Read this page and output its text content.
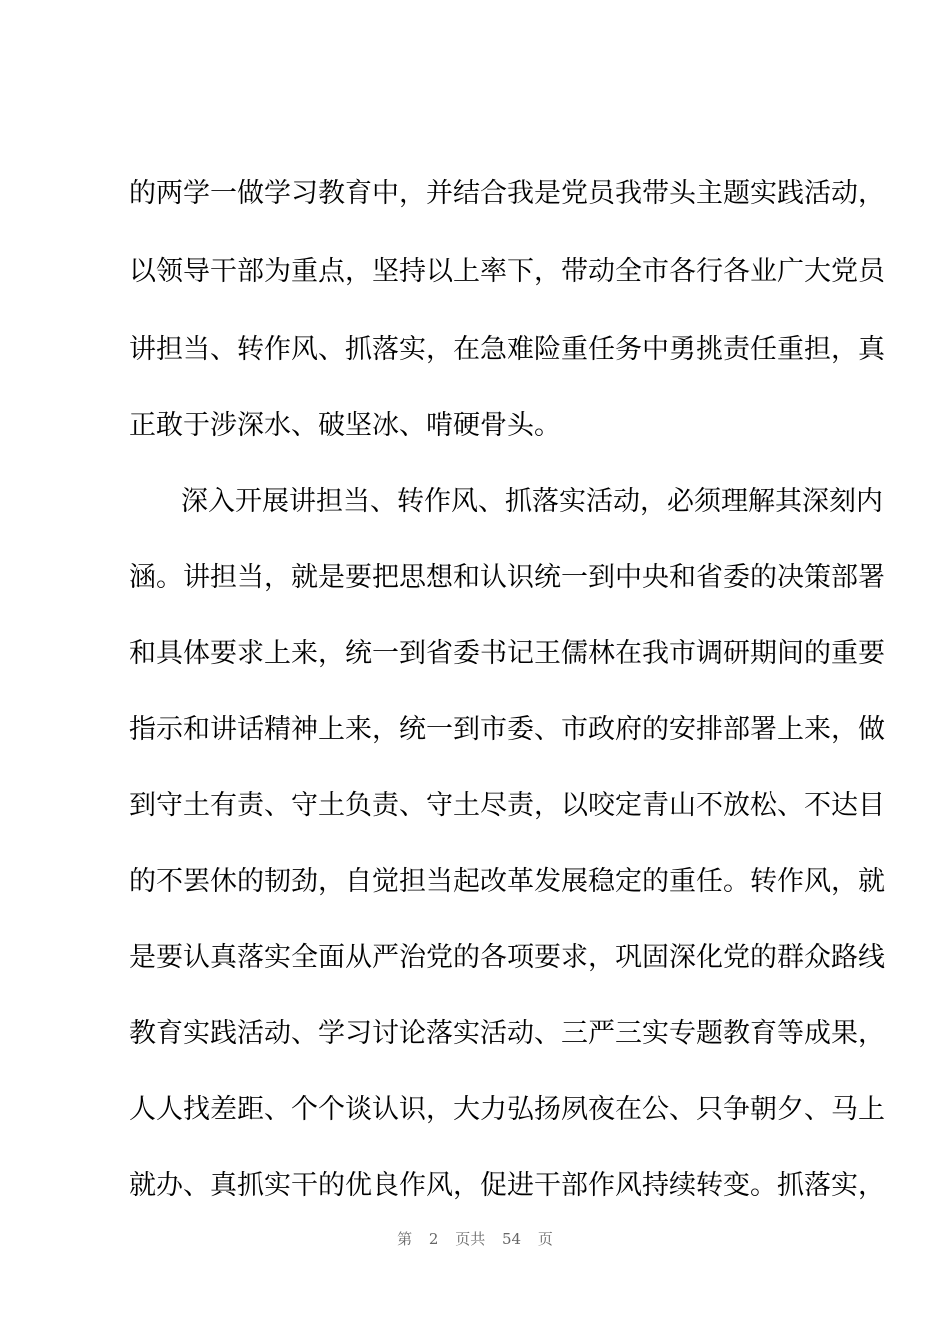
的两学一做学习教育中，并结合我是党员我带头主题实践活动，
以领导干部为重点，坚持以上率下，带动全市各行各业广大党员
讲担当、转作风、抓落实，在急难险重任务中勇挑责任重担，真
正敢于涉深水、破坚冰、啃硬骨头。
深入开展讲担当、转作风、抓落实活动，必须理解其深刻内
涵。讲担当，就是要把思想和认识统一到中央和省委的决策部署
和具体要求上来，统一到省委书记王儒林在我市调研期间的重要
指示和讲话精神上来，统一到市委、市政府的安排部署上来，做
到守土有责、守土负责、守土尽责，以咬定青山不放松、不达目
的不罢休的韧劲，自觉担当起改革发展稳定的重任。转作风，就
是要认真落实全面从严治党的各项要求，巩固深化党的群众路线
教育实践活动、学习讨论落实活动、三严三实专题教育等成果，
人人找差距、个个谈认识，大力弘扬夙夜在公、只争朝夕、马上
就办、真抓实干的优良作风，促进干部作风持续转变。抓落实，
第 2 页共 54 页
